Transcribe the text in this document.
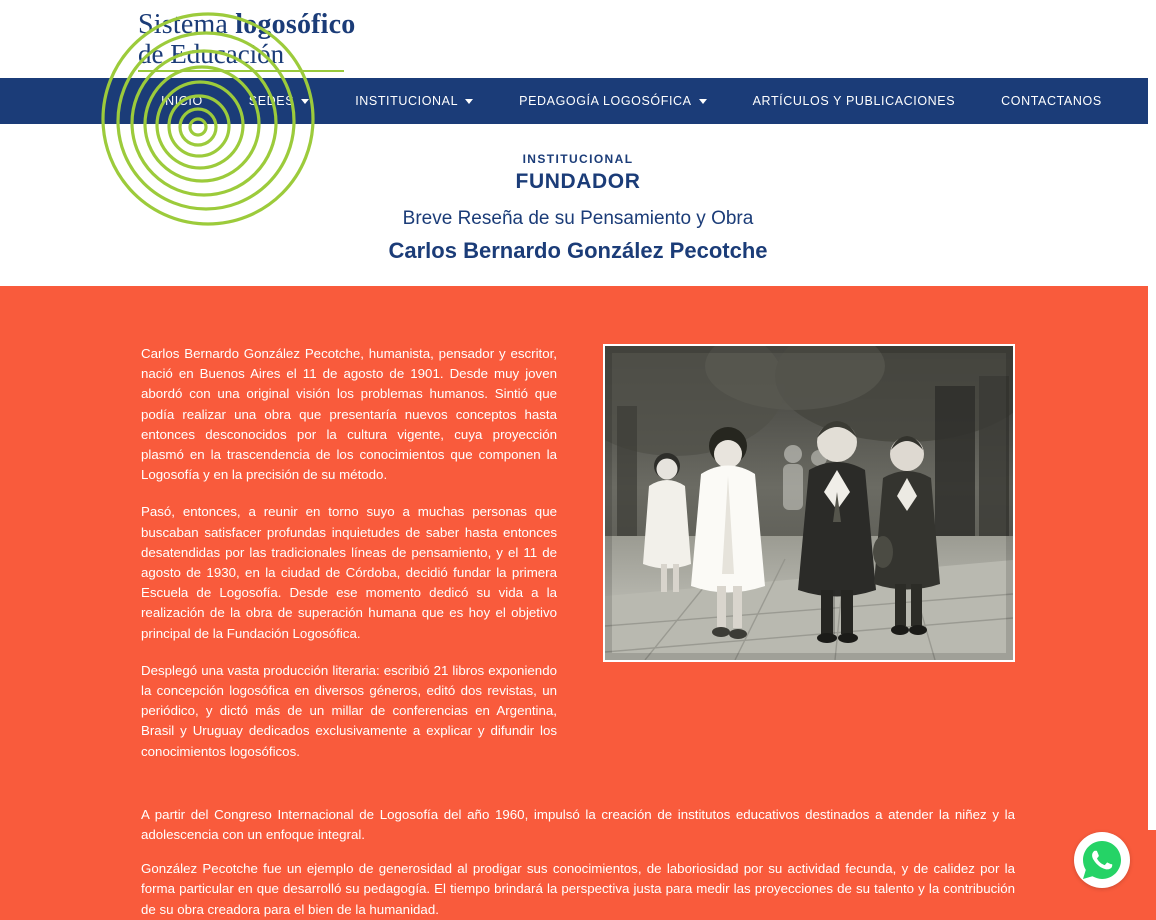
Sistema logosófico
de Educación
INICIO	SEDES	INSTITUCIONAL	PEDAGOGÍA LOGOSÓFICA	ARTÍCULOS Y PUBLICACIONES	CONTACTANOS
INSTITUCIONAL
FUNDADOR
Breve Reseña de su Pensamiento y Obra
Carlos Bernardo González Pecotche

Carlos Bernardo González Pecotche, humanista, pensador y escritor, nació en Buenos Aires el 11 de agosto de 1901. Desde muy joven abordó con una original visión los problemas humanos. Sintió que podía realizar una obra que presentaría nuevos conceptos hasta entonces desconocidos por la cultura vigente, cuya proyección plasmó en la trascendencia de los conocimientos que componen la Logosofía y en la precisión de su método.

Pasó, entonces, a reunir en torno suyo a muchas personas que buscaban satisfacer profundas inquietudes de saber hasta entonces desatendidas por las tradicionales líneas de pensamiento, y el 11 de agosto de 1930, en la ciudad de Córdoba, decidió fundar la primera Escuela de Logosofía. Desde ese momento dedicó su vida a la realización de la obra de superación humana que es hoy el objetivo principal de la Fundación Logosófica.

Desplegó una vasta producción literaria: escribió 21 libros exponiendo la concepción logosófica en diversos géneros, editó dos revistas, un periódico, y dictó más de un millar de conferencias en Argentina, Brasil y Uruguay dedicados exclusivamente a explicar y difundir los conocimientos logosóficos.

A partir del Congreso Internacional de Logosofía del año 1960, impulsó la creación de institutos educativos destinados a atender la niñez y la adolescencia con un enfoque integral.

González Pecotche fue un ejemplo de generosidad al prodigar sus conocimientos, de laboriosidad por su actividad fecunda, y de calidez por la forma particular en que desarrolló su pedagogía. El tiempo brindará la perspectiva justa para medir las proyecciones de su talento y la contribución de su obra creadora para el bien de la humanidad.
